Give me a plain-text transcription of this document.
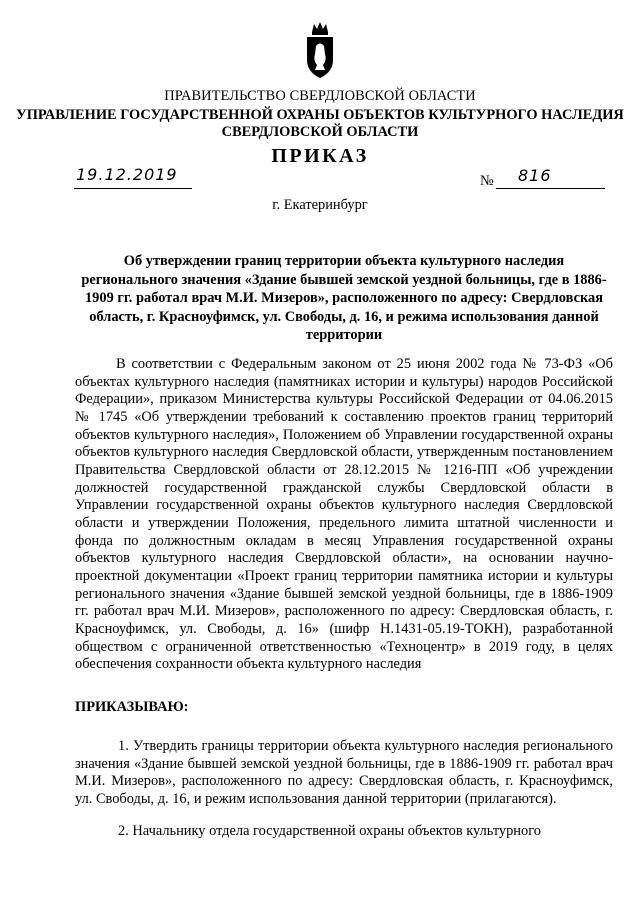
ПРАВИТЕЛЬСТВО СВЕРДЛОВСКОЙ ОБЛАСТИ
УПРАВЛЕНИЕ ГОСУДАРСТВЕННОЙ ОХРАНЫ ОБЪЕКТОВ КУЛЬТУРНОГО НАСЛЕДИЯ СВЕРДЛОВСКОЙ ОБЛАСТИ
ПРИКАЗ
19.12.2019	№ 816
г. Екатеринбург
Об утверждении границ территории объекта культурного наследия регионального значения «Здание бывшей земской уездной больницы, где в 1886-1909 гг. работал врач М.И. Мизеров», расположенного по адресу: Свердловская область, г. Красноуфимск, ул. Свободы, д. 16, и режима использования данной территории
В соответствии с Федеральным законом от 25 июня 2002 года № 73-ФЗ «Об объектах культурного наследия (памятниках истории и культуры) народов Российской Федерации», приказом Министерства культуры Российской Федерации от 04.06.2015 № 1745 «Об утверждении требований к составлению проектов границ территорий объектов культурного наследия», Положением об Управлении государственной охраны объектов культурного наследия Свердловской области, утвержденным постановлением Правительства Свердловской области от 28.12.2015 № 1216-ПП «Об учреждении должностей государственной гражданской службы Свердловской области в Управлении государственной охраны объектов культурного наследия Свердловской области и утверждении Положения, предельного лимита штатной численности и фонда по должностным окладам в месяц Управления государственной охраны объектов культурного наследия Свердловской области», на основании научно-проектной документации «Проект границ территории памятника истории и культуры регионального значения «Здание бывшей земской уездной больницы, где в 1886-1909 гг. работал врач М.И. Мизеров», расположенного по адресу: Свердловская область, г. Красноуфимск, ул. Свободы, д. 16» (шифр Н.1431-05.19-ТОКН), разработанной обществом с ограниченной ответственностью «Техноцентр» в 2019 году, в целях обеспечения сохранности объекта культурного наследия
ПРИКАЗЫВАЮ:
1. Утвердить границы территории объекта культурного наследия регионального значения «Здание бывшей земской уездной больницы, где в 1886-1909 гг. работал врач М.И. Мизеров», расположенного по адресу: Свердловская область, г. Красноуфимск, ул. Свободы, д. 16, и режим использования данной территории (прилагаются).
2. Начальнику отдела государственной охраны объектов культурного
